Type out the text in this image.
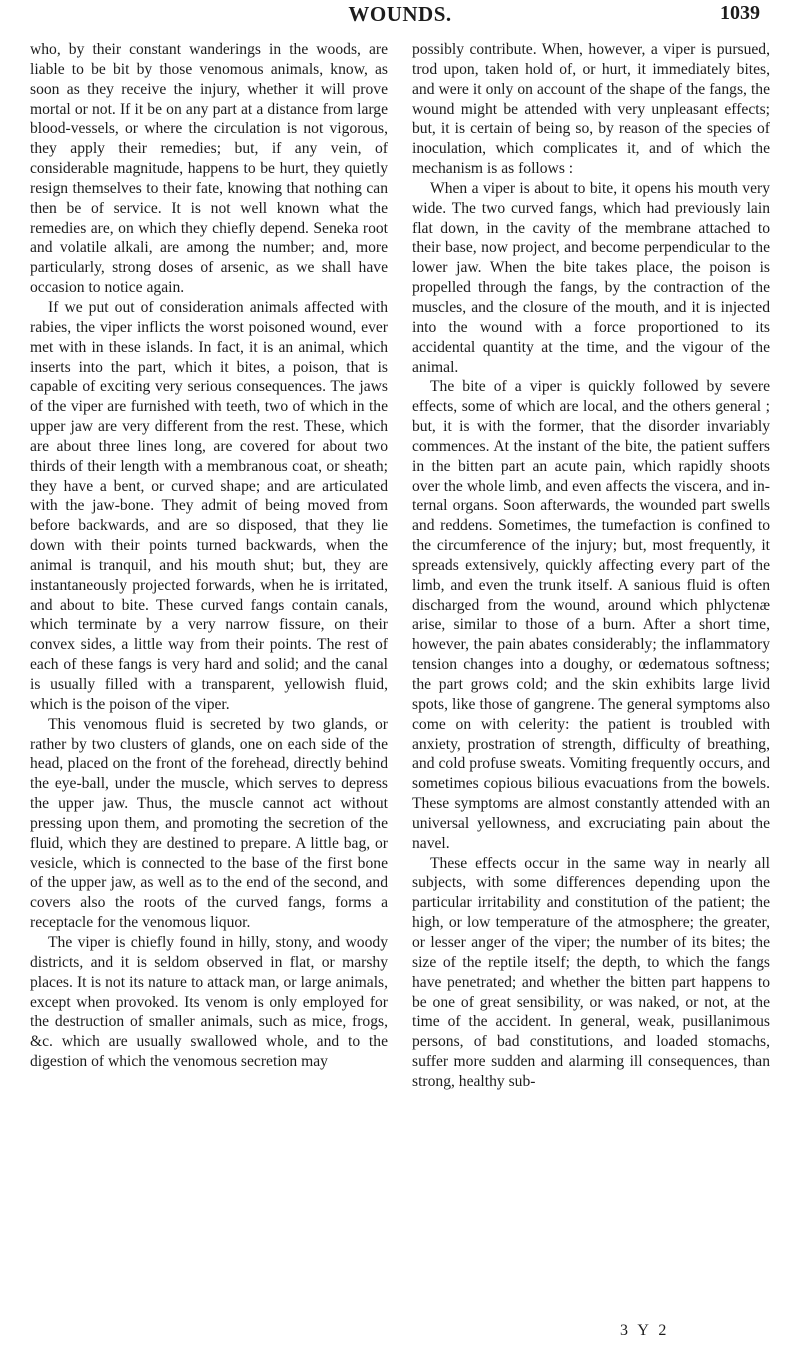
WOUNDS.	1039

who, by their constant wanderings in the woods, are liable to be bit by those venomous animals, know, as soon as they receive the injury, whether it will prove mortal or not. If it be on any part at a distance from large blood-vessels, or where the circulation is not vigorous, they apply their remedies; but, if any vein, of considerable magnitude, happens to be hurt, they quietly resign themselves to their fate, knowing that nothing can then be of service. It is not well known what the remedies are, on which they chiefly depend. Seneka root and volatile alkali, are among the number; and, more particularly, strong doses of arsenic, as we shall have occasion to notice again.

If we put out of consideration animals affected with rabies, the viper inflicts the worst poisoned wound, ever met with in these islands. In fact, it is an animal, which inserts into the part, which it bites, a poison, that is capable of exciting very serious consequences. The jaws of the viper are furnished with teeth, two of which in the upper jaw are very different from the rest. These, which are about three lines long, are covered for about two thirds of their length with a membranous coat, or sheath; they have a bent, or curved shape; and are articulated with the jaw-bone. They admit of being moved from before backwards, and are so disposed, that they lie down with their points turned backwards, when the animal is tranquil, and his mouth shut; but, they are instantaneously projected forwards, when he is irritated, and about to bite. These curved fangs contain canals, which terminate by a very narrow fissure, on their convex sides, a little way from their points. The rest of each of these fangs is very hard and solid; and the canal is usually filled with a transparent, yellowish fluid, which is the poison of the viper.

This venomous fluid is secreted by two glands, or rather by two clusters of glands, one on each side of the head, placed on the front of the forehead, directly behind the eye-ball, under the muscle, which serves to depress the upper jaw. Thus, the muscle cannot act without pressing upon them, and promoting the secretion of the fluid, which they are destined to prepare. A little bag, or vesicle, which is connected to the base of the first bone of the upper jaw, as well as to the end of the second, and covers also the roots of the curved fangs, forms a receptacle for the venomous liquor.

The viper is chiefly found in hilly, stony, and woody districts, and it is seldom observed in flat, or marshy places. It is not its nature to attack man, or large animals, except when provoked. Its venom is only employed for the destruction of smaller animals, such as mice, frogs, &c. which are usually swallowed whole, and to the digestion of which the venomous secretion may

possibly contribute. When, however, a viper is pursued, trod upon, taken hold of, or hurt, it immediately bites, and were it only on account of the shape of the fangs, the wound might be attended with very unpleasant effects; but, it is certain of being so, by reason of the species of inoculation, which complicates it, and of which the mechanism is as follows :

When a viper is about to bite, it opens his mouth very wide. The two curved fangs, which had previously lain flat down, in the cavity of the membrane attached to their base, now project, and become perpendicular to the lower jaw. When the bite takes place, the poison is propelled through the fangs, by the contraction of the muscles, and the closure of the mouth, and it is injected into the wound with a force proportioned to its accidental quantity at the time, and the vigour of the animal.

The bite of a viper is quickly followed by severe effects, some of which are local, and the others general ; but, it is with the former, that the disorder invariably commences. At the instant of the bite, the patient suffers in the bitten part an acute pain, which rapidly shoots over the whole limb, and even affects the viscera, and internal organs. Soon afterwards, the wounded part swells and reddens. Sometimes, the tumefaction is confined to the circumference of the injury; but, most frequently, it spreads extensively, quickly affecting every part of the limb, and even the trunk itself. A sanious fluid is often discharged from the wound, around which phlyctenæ arise, similar to those of a burn. After a short time, however, the pain abates considerably; the inflammatory tension changes into a doughy, or œdematous softness; the part grows cold; and the skin exhibits large livid spots, like those of gangrene. The general symptoms also come on with celerity: the patient is troubled with anxiety, prostration of strength, difficulty of breathing, and cold profuse sweats. Vomiting frequently occurs, and sometimes copious bilious evacuations from the bowels. These symptoms are almost constantly attended with an universal yellowness, and excruciating pain about the navel.

These effects occur in the same way in nearly all subjects, with some differences depending upon the particular irritability and constitution of the patient; the high, or low temperature of the atmosphere; the greater, or lesser anger of the viper; the number of its bites; the size of the reptile itself; the depth, to which the fangs have penetrated; and whether the bitten part happens to be one of great sensibility, or was naked, or not, at the time of the accident. In general, weak, pusillanimous persons, of bad constitutions, and loaded stomachs, suffer more sudden and alarming ill consequences, than strong, healthy sub-

3 Y 2
